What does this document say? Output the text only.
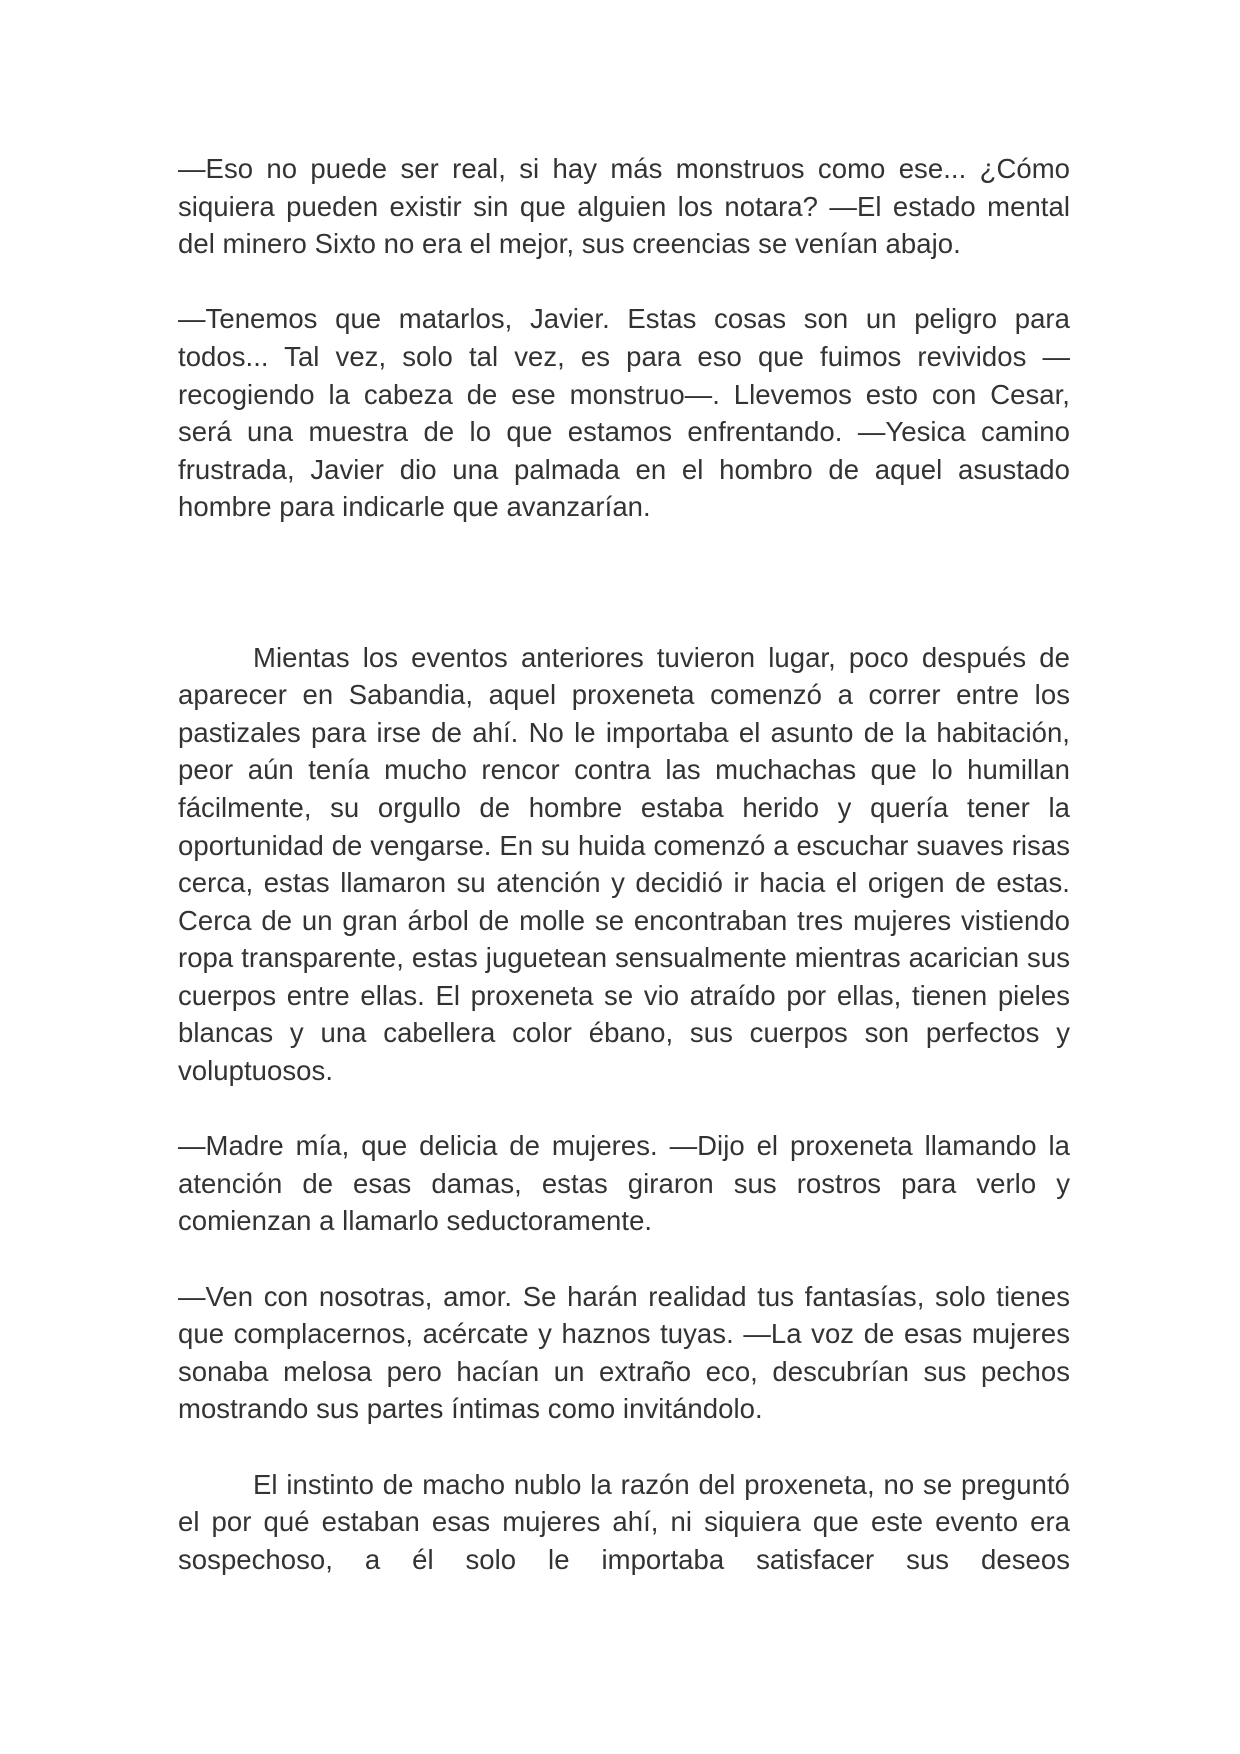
—Eso no puede ser real, si hay más monstruos como ese... ¿Cómo siquiera pueden existir sin que alguien los notara? —El estado mental del minero Sixto no era el mejor, sus creencias se venían abajo.

—Tenemos que matarlos, Javier. Estas cosas son un peligro para todos... Tal vez, solo tal vez, es para eso que fuimos revividos —recogiendo la cabeza de ese monstruo—. Llevemos esto con Cesar, será una muestra de lo que estamos enfrentando. —Yesica camino frustrada, Javier dio una palmada en el hombro de aquel asustado hombre para indicarle que avanzarían.

Mientas los eventos anteriores tuvieron lugar, poco después de aparecer en Sabandia, aquel proxeneta comenzó a correr entre los pastizales para irse de ahí. No le importaba el asunto de la habitación, peor aún tenía mucho rencor contra las muchachas que lo humillan fácilmente, su orgullo de hombre estaba herido y quería tener la oportunidad de vengarse. En su huida comenzó a escuchar suaves risas cerca, estas llamaron su atención y decidió ir hacia el origen de estas. Cerca de un gran árbol de molle se encontraban tres mujeres vistiendo ropa transparente, estas juguetean sensualmente mientras acarician sus cuerpos entre ellas. El proxeneta se vio atraído por ellas, tienen pieles blancas y una cabellera color ébano, sus cuerpos son perfectos y voluptuosos.

—Madre mía, que delicia de mujeres. —Dijo el proxeneta llamando la atención de esas damas, estas giraron sus rostros para verlo y comienzan a llamarlo seductoramente.

—Ven con nosotras, amor. Se harán realidad tus fantasías, solo tienes que complacernos, acércate y haznos tuyas. —La voz de esas mujeres sonaba melosa pero hacían un extraño eco, descubrían sus pechos mostrando sus partes íntimas como invitándolo.

El instinto de macho nublo la razón del proxeneta, no se preguntó el por qué estaban esas mujeres ahí, ni siquiera que este evento era sospechoso, a él solo le importaba satisfacer sus deseos
